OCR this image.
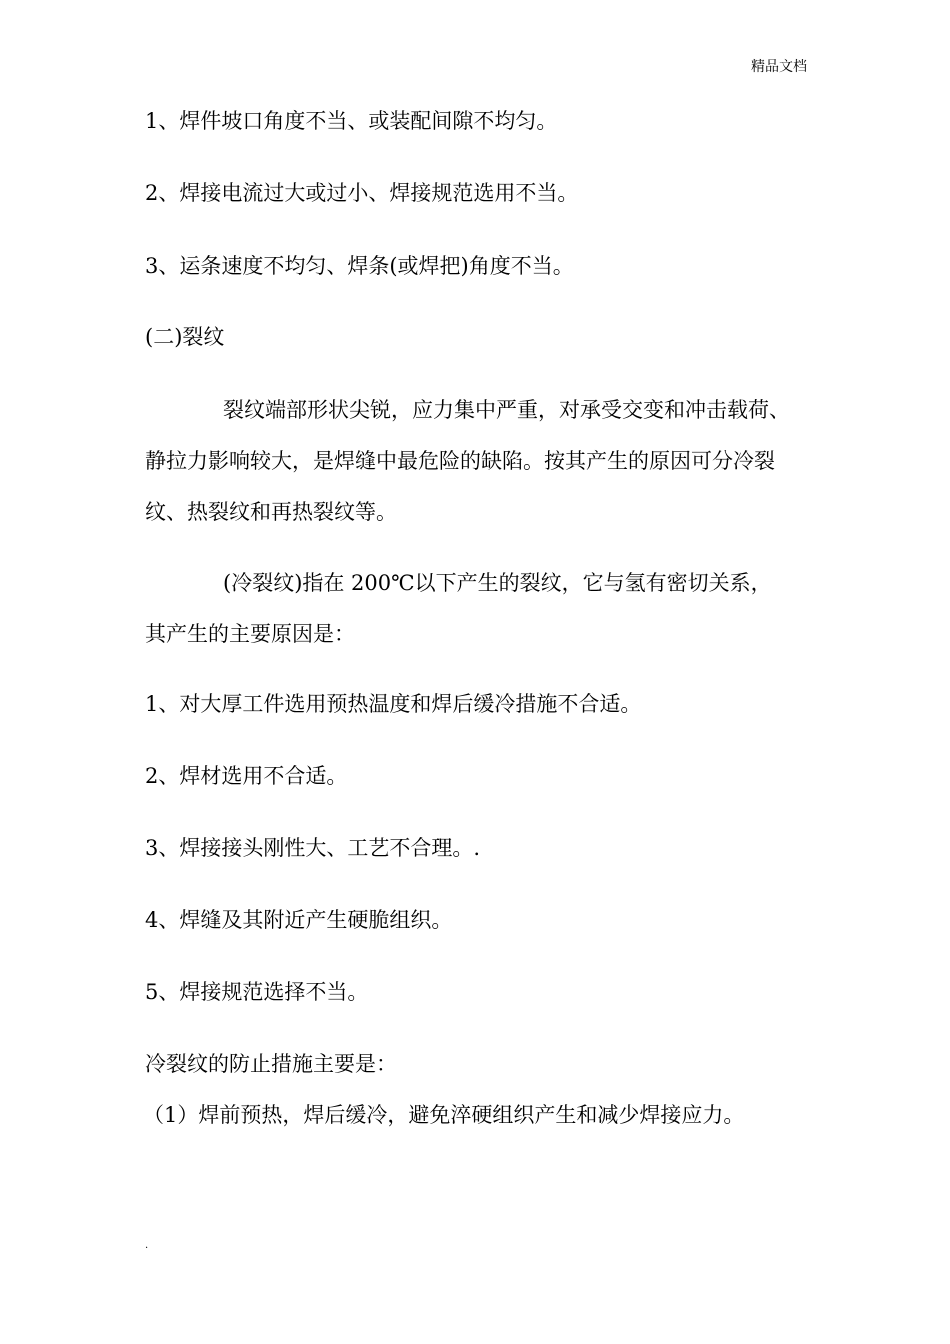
精品文档
1、焊件坡口角度不当、或装配间隙不均匀。
2、焊接电流过大或过小、焊接规范选用不当。
3、运条速度不均匀、焊条(或焊把)角度不当。
(二)裂纹
裂纹端部形状尖锐，应力集中严重，对承受交变和冲击载荷、
静拉力影响较大，是焊缝中最危险的缺陷。按其产生的原因可分冷裂
纹、热裂纹和再热裂纹等。
(冷裂纹)指在 200℃以下产生的裂纹，它与氢有密切关系，
其产生的主要原因是：
1、对大厚工件选用预热温度和焊后缓冷措施不合适。
2、焊材选用不合适。
3、焊接接头刚性大、工艺不合理。.
4、焊缝及其附近产生硬脆组织。
5、焊接规范选择不当。
冷裂纹的防止措施主要是：
（1）焊前预热，焊后缓冷，避免淬硬组织产生和减少焊接应力。
.
